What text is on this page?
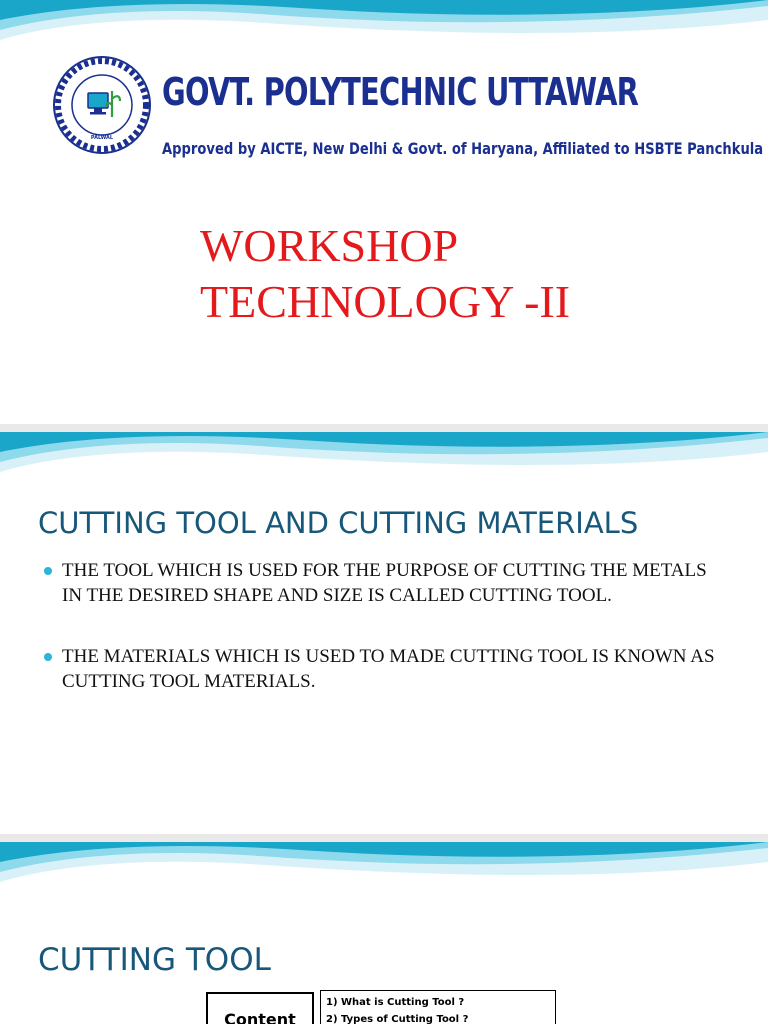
PALWAL
GOVT. POLYTECHNIC UTTAWAR

Approved by AICTE, New Delhi & Govt. of Haryana, Affiliated to HSBTE Panchkula

WORKSHOP
TECHNOLOGY -II
CUTTING TOOL AND CUTTING MATERIALS
THE TOOL WHICH IS USED FOR THE PURPOSE OF CUTTING THE METALS IN THE DESIRED SHAPE AND SIZE IS CALLED CUTTING TOOL.
THE MATERIALS WHICH IS USED TO MADE CUTTING TOOL IS KNOWN AS CUTTING TOOL MATERIALS.
CUTTING TOOL
Content
1) What is Cutting Tool ?
2) Types of Cutting Tool ?
